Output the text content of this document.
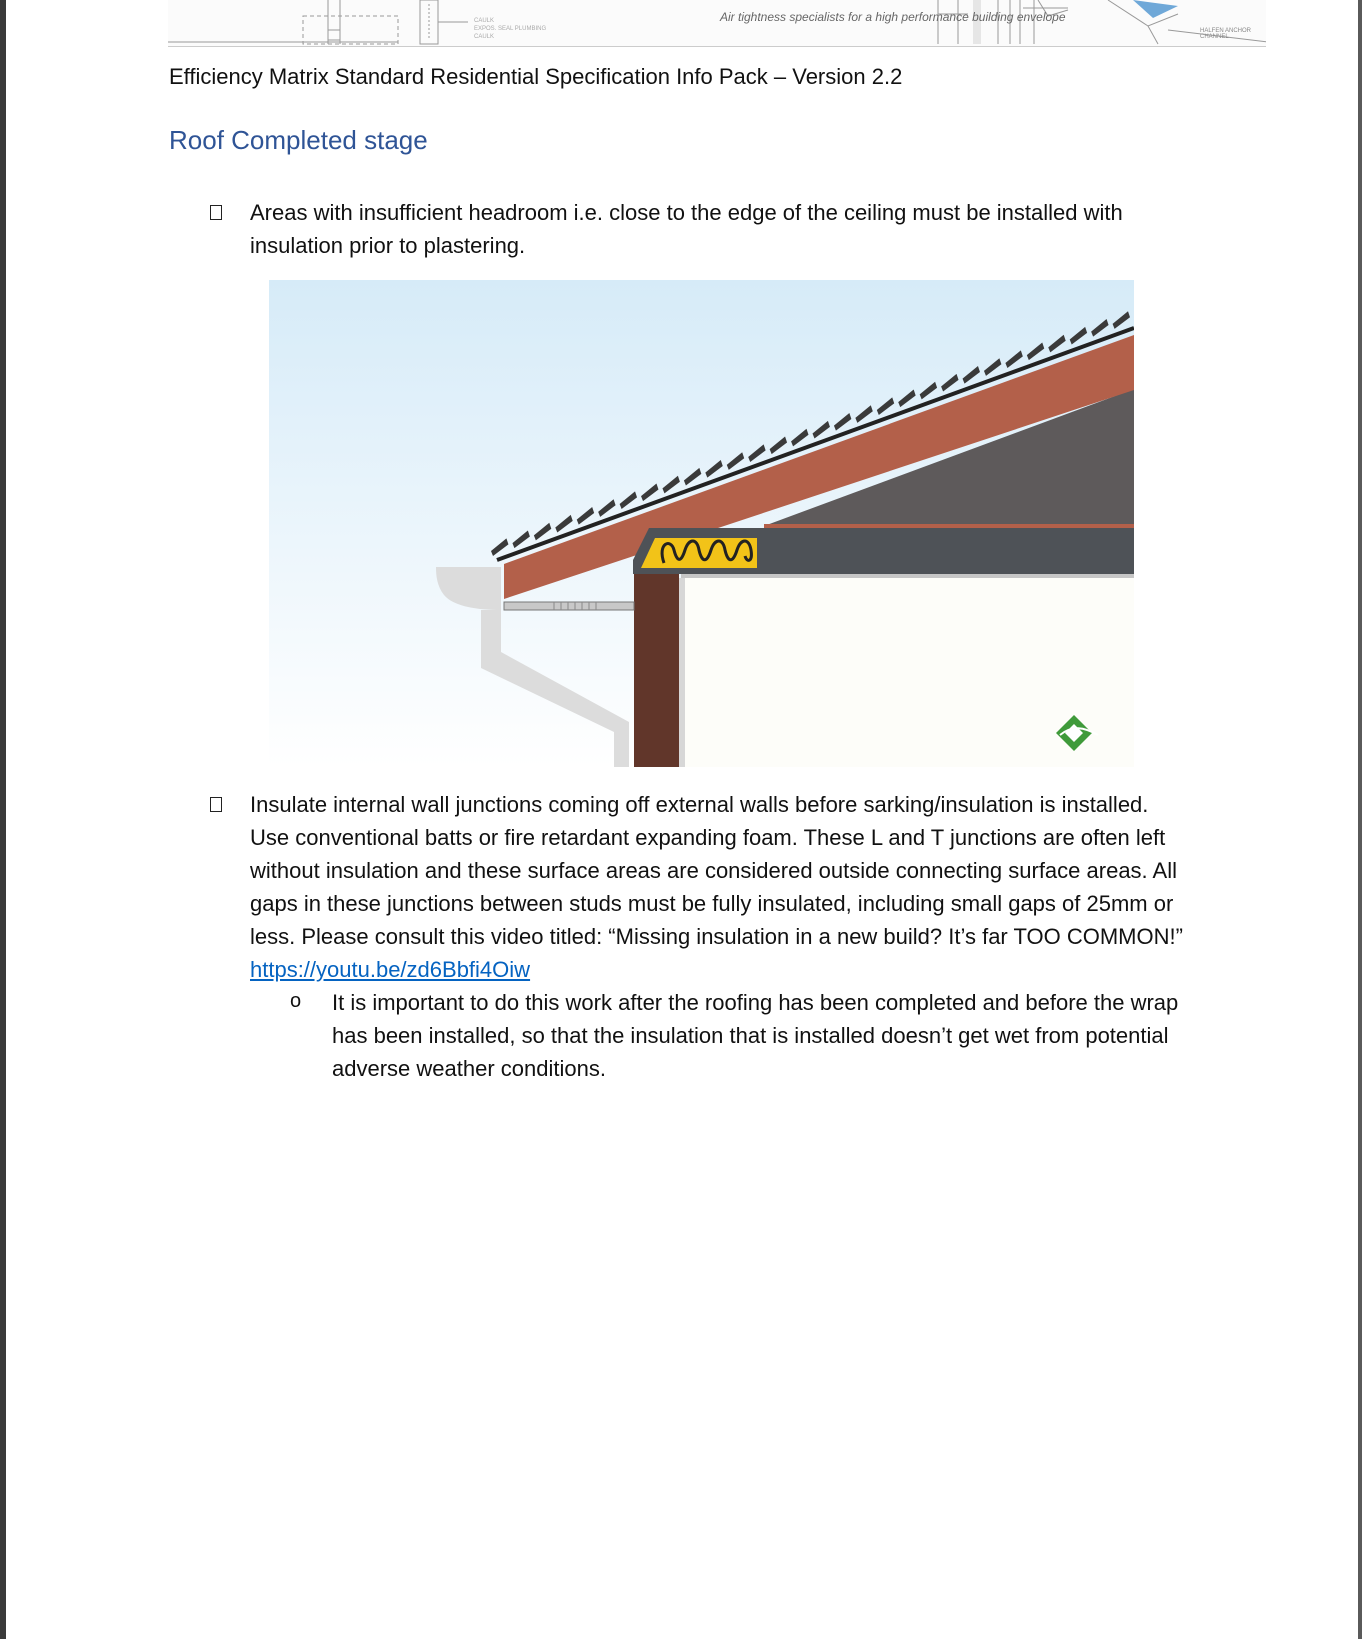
Air tightness specialists for a high performance building envelope
CAULK
EXPOS. SEAL PLUMBING
CAULK
HALFEN ANCHOR
CHANNEL
Efficiency Matrix Standard Residential Specification Info Pack – Version 2.2
Roof Completed stage
Areas with insufficient headroom i.e. close to the edge of the ceiling must be installed with insulation prior to plastering.
Insulate internal wall junctions coming off external walls before sarking/insulation is installed. Use conventional batts or fire retardant expanding foam. These L and T junctions are often left without insulation and these surface areas are considered outside connecting surface areas. All gaps in these junctions between studs must be fully insulated, including small gaps of 25mm or less. Please consult this video titled: “Missing insulation in a new build? It’s far TOO COMMON!” https://youtu.be/zd6Bbfi4Oiw
o It is important to do this work after the roofing has been completed and before the wrap has been installed, so that the insulation that is installed doesn’t get wet from potential adverse weather conditions.
